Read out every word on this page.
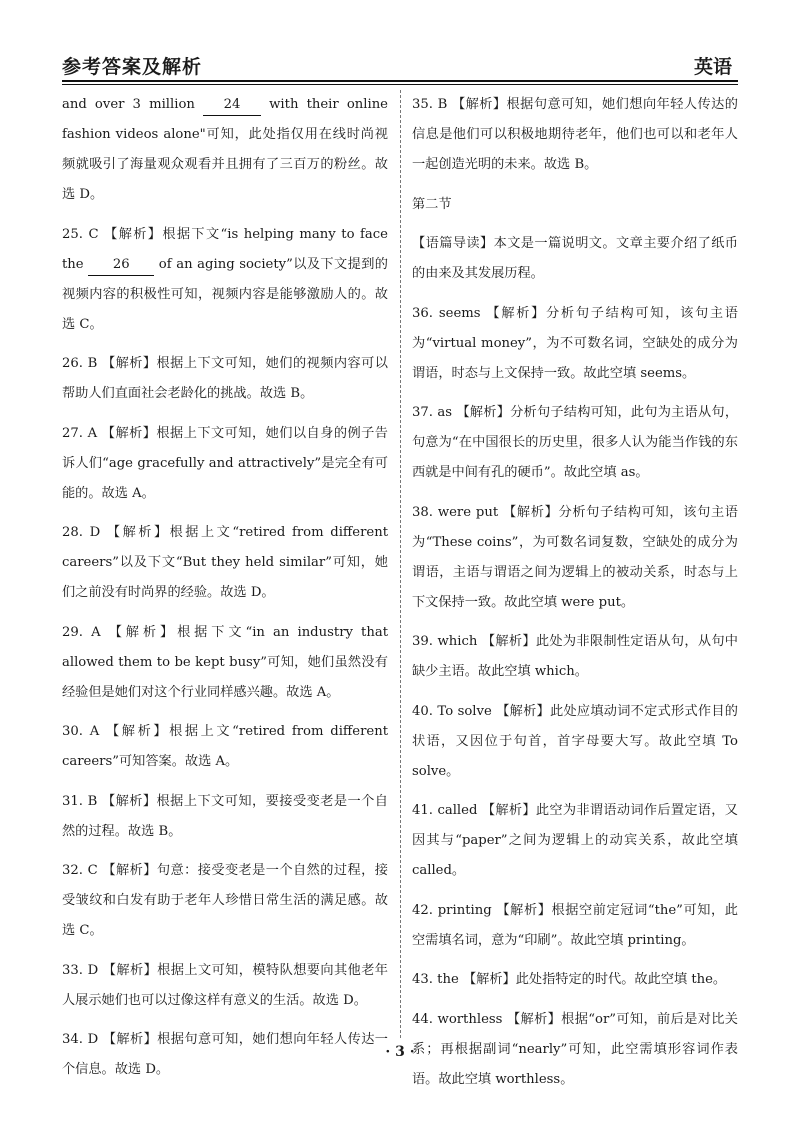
参考答案及解析	英语

and over 3 million 24 with their online fashion videos alone"可知，此处指仅用在线时尚视频就吸引了海量观众观看并且拥有了三百万的粉丝。故选 D。

25. C 【解析】根据下文“is helping many to face the 26 of an aging society”以及下文提到的视频内容的积极性可知，视频内容是能够激励人的。故选 C。

26. B 【解析】根据上下文可知，她们的视频内容可以帮助人们直面社会老龄化的挑战。故选 B。

27. A 【解析】根据上下文可知，她们以自身的例子告诉人们“age gracefully and attractively”是完全有可能的。故选 A。

28. D 【解析】根据上文“retired from different careers”以及下文“But they held similar”可知，她们之前没有时尚界的经验。故选 D。

29. A 【解析】根据下文“in an industry that allowed them to be kept busy”可知，她们虽然没有经验但是她们对这个行业同样感兴趣。故选 A。

30. A 【解析】根据上文“retired from different careers”可知答案。故选 A。

31. B 【解析】根据上下文可知，要接受变老是一个自然的过程。故选 B。

32. C 【解析】句意：接受变老是一个自然的过程，接受皱纹和白发有助于老年人珍惜日常生活的满足感。故选 C。

33. D 【解析】根据上文可知，模特队想要向其他老年人展示她们也可以过像这样有意义的生活。故选 D。

34. D 【解析】根据句意可知，她们想向年轻人传达一个信息。故选 D。

35. B 【解析】根据句意可知，她们想向年轻人传达的信息是他们可以积极地期待老年，他们也可以和老年人一起创造光明的未来。故选 B。

第二节

【语篇导读】本文是一篇说明文。文章主要介绍了纸币的由来及其发展历程。

36. seems 【解析】分析句子结构可知，该句主语为“virtual money”，为不可数名词，空缺处的成分为谓语，时态与上文保持一致。故此空填 seems。

37. as 【解析】分析句子结构可知，此句为主语从句，句意为“在中国很长的历史里，很多人认为能当作钱的东西就是中间有孔的硬币”。故此空填 as。

38. were put 【解析】分析句子结构可知，该句主语为“These coins”，为可数名词复数，空缺处的成分为谓语，主语与谓语之间为逻辑上的被动关系，时态与上下文保持一致。故此空填 were put。

39. which 【解析】此处为非限制性定语从句，从句中缺少主语。故此空填 which。

40. To solve 【解析】此处应填动词不定式形式作目的状语，又因位于句首，首字母要大写。故此空填 To solve。

41. called 【解析】此空为非谓语动词作后置定语，又因其与“paper”之间为逻辑上的动宾关系，故此空填 called。

42. printing 【解析】根据空前定冠词“the”可知，此空需填名词，意为“印刷”。故此空填 printing。

43. the 【解析】此处指特定的时代。故此空填 the。

44. worthless 【解析】根据“or”可知，前后是对比关系；再根据副词“nearly”可知，此空需填形容词作表语。故此空填 worthless。

· 3 ·
